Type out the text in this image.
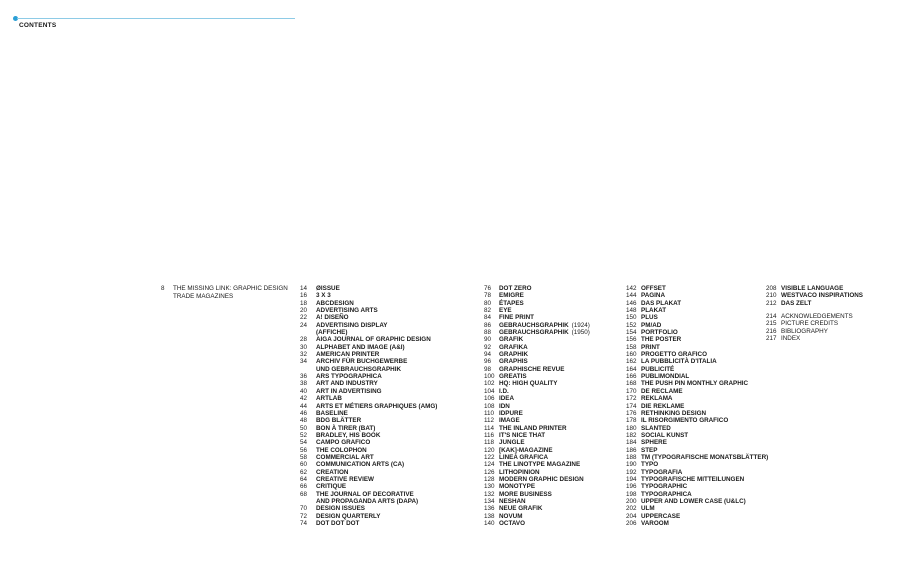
CONTENTS
8	THE MISSING LINK: GRAPHIC DESIGN
TRADE MAGAZINES
14 ØISSUE
16 3 X 3
18 ABCDESIGN
20 ADVERTISING ARTS
22 A! DISEÑO
24 ADVERTISING DISPLAY
(AFFICHE)
28 AIGA JOURNAL OF GRAPHIC DESIGN
30 ALPHABET AND IMAGE (A&I)
32 AMERICAN PRINTER
34 ARCHIV FÜR BUCHGEWERBE
UND GEBRAUCHSGRAPHIK
36 ARS TYPOGRAPHICA
38 ART AND INDUSTRY
40 ART IN ADVERTISING
42 ARTLAB
44 ARTS ET MÉTIERS GRAPHIQUES (AMG)
46 BASELINE
48 BDG BLÄTTER
50 BON À TIRER (BAT)
52 BRADLEY, HIS BOOK
54 CAMPO GRAFICO
56 THE COLOPHON
58 COMMERCIAL ART
60 COMMUNICATION ARTS (CA)
62 CREATION
64 CREATIVE REVIEW
66 CRITIQUE
68 THE JOURNAL OF DECORATIVE
AND PROPAGANDA ARTS (DAPA)
70 DESIGN ISSUES
72 DESIGN QUARTERLY
74 DOT DOT DOT
76 DOT ZERO
78 EMIGRE
80 ÉTAPES
82 EYE
84 FINE PRINT
86 GEBRAUCHSGRAPHIK (1924)
88 GEBRAUCHSGRAPHIK (1950)
90 GRAFIK
92 GRAFIKA
94 GRAPHIK
96 GRAPHIS
98 GRAPHISCHE REVUE
100 GREATIS
102 HQ: HIGH QUALITY
104 I.D.
106 IDEA
108 IDN
110 IDPURE
112 IMAGE
114 THE INLAND PRINTER
116 IT'S NICE THAT
118 JUNGLE
120 [KAK]-MAGAZINE
122 LINEA GRAFICA
124 THE LINOTYPE MAGAZINE
126 LITHOPINION
128 MODERN GRAPHIC DESIGN
130 MONOTYPE
132 MORE BUSINESS
134 NESHAN
136 NEUE GRAFIK
138 NOVUM
140 OCTAVO
142 OFFSET
144 PAGINA
146 DAS PLAKAT
148 PLAKAT
150 PLUS
152 PM/AD
154 PORTFOLIO
156 THE POSTER
158 PRINT
160 PROGETTO GRAFICO
162 LA PUBBLICITÀ D'ITALIA
164 PUBLICITÉ
166 PUBLIMONDIAL
168 THE PUSH PIN MONTHLY GRAPHIC
170 DE RECLAME
172 REKLAMA
174 DIE REKLAME
176 RETHINKING DESIGN
178 IL RISORGIMENTO GRAFICO
180 SLANTED
182 SOCIAL KUNST
184 SPHERE
186 STEP
188 TM (TYPOGRAFISCHE MONATSBLÄTTER)
190 TYPO
192 TYPOGRAFIA
194 TYPOGRAFISCHE MITTEILUNGEN
196 TYPOGRAPHIC
198 TYPOGRAPHICA
200 UPPER AND LOWER CASE (U&LC)
202 ULM
204 UPPERCASE
206 VAROOM
208 VISIBLE LANGUAGE
210 WESTVACO INSPIRATIONS
212 DAS ZELT
214 ACKNOWLEDGEMENTS
215 PICTURE CREDITS
216 BIBLIOGRAPHY
217 INDEX
